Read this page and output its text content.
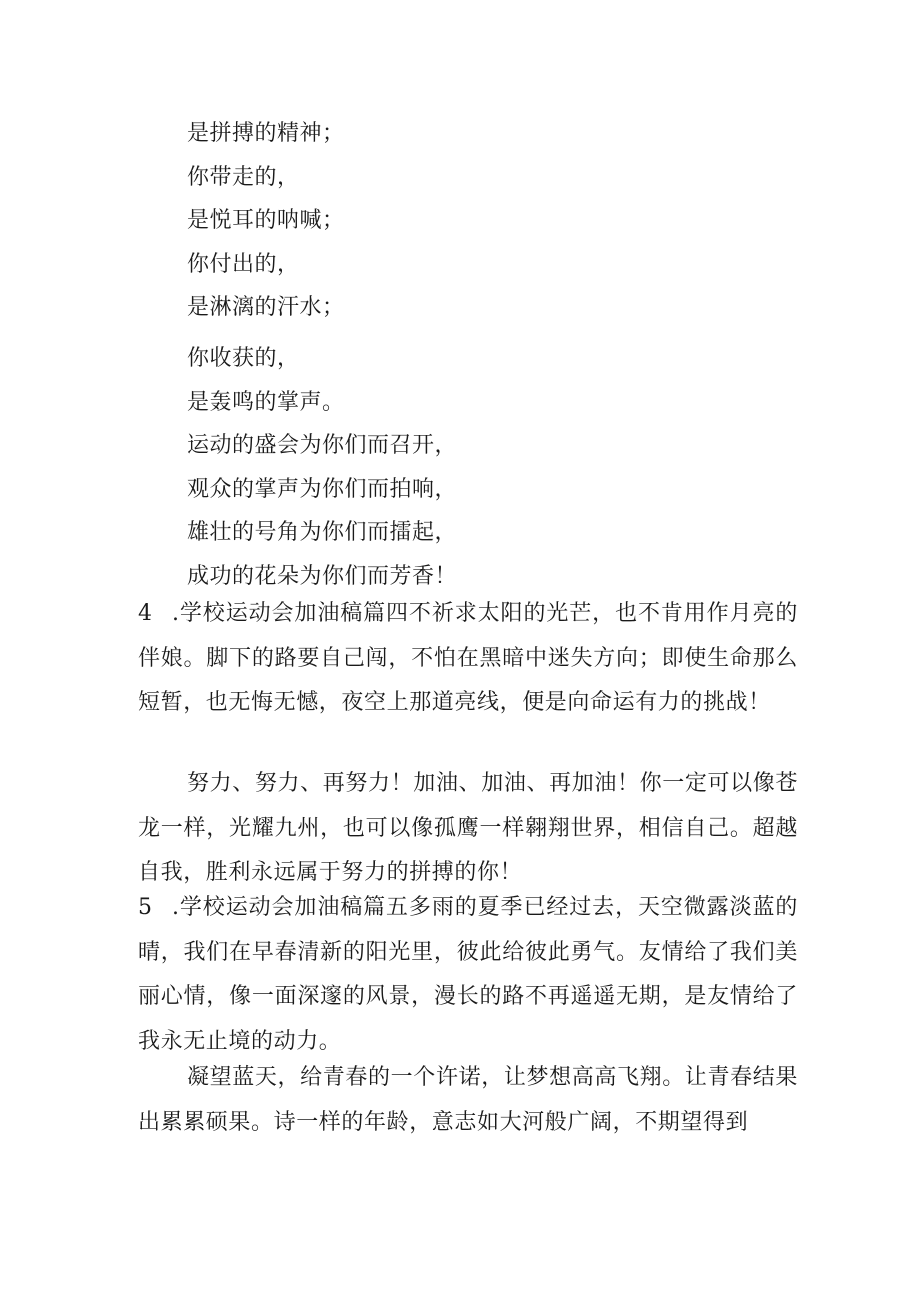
是拼搏的精神；
你带走的，
是悦耳的呐喊；
你付出的，
是淋漓的汗水；
你收获的，
是轰鸣的掌声。
运动的盛会为你们而召开，
观众的掌声为你们而拍响，
雄壮的号角为你们而擂起，
成功的花朵为你们而芳香！

4 .学校运动会加油稿篇四不祈求太阳的光芒，也不肯用作月亮的伴娘。脚下的路要自己闯，不怕在黑暗中迷失方向；即使生命那么短暂，也无悔无憾，夜空上那道亮线，便是向命运有力的挑战！

努力、努力、再努力！加油、加油、再加油！你一定可以像苍龙一样，光耀九州，也可以像孤鹰一样翱翔世界，相信自己。超越自我，胜利永远属于努力的拼搏的你！

5 .学校运动会加油稿篇五多雨的夏季已经过去，天空微露淡蓝的晴，我们在早春清新的阳光里，彼此给彼此勇气。友情给了我们美丽心情，像一面深邃的风景，漫长的路不再遥遥无期，是友情给了我永无止境的动力。

凝望蓝天，给青春的一个许诺，让梦想高高飞翔。让青春结果出累累硕果。诗一样的年龄，意志如大河般广阔，不期望得到
